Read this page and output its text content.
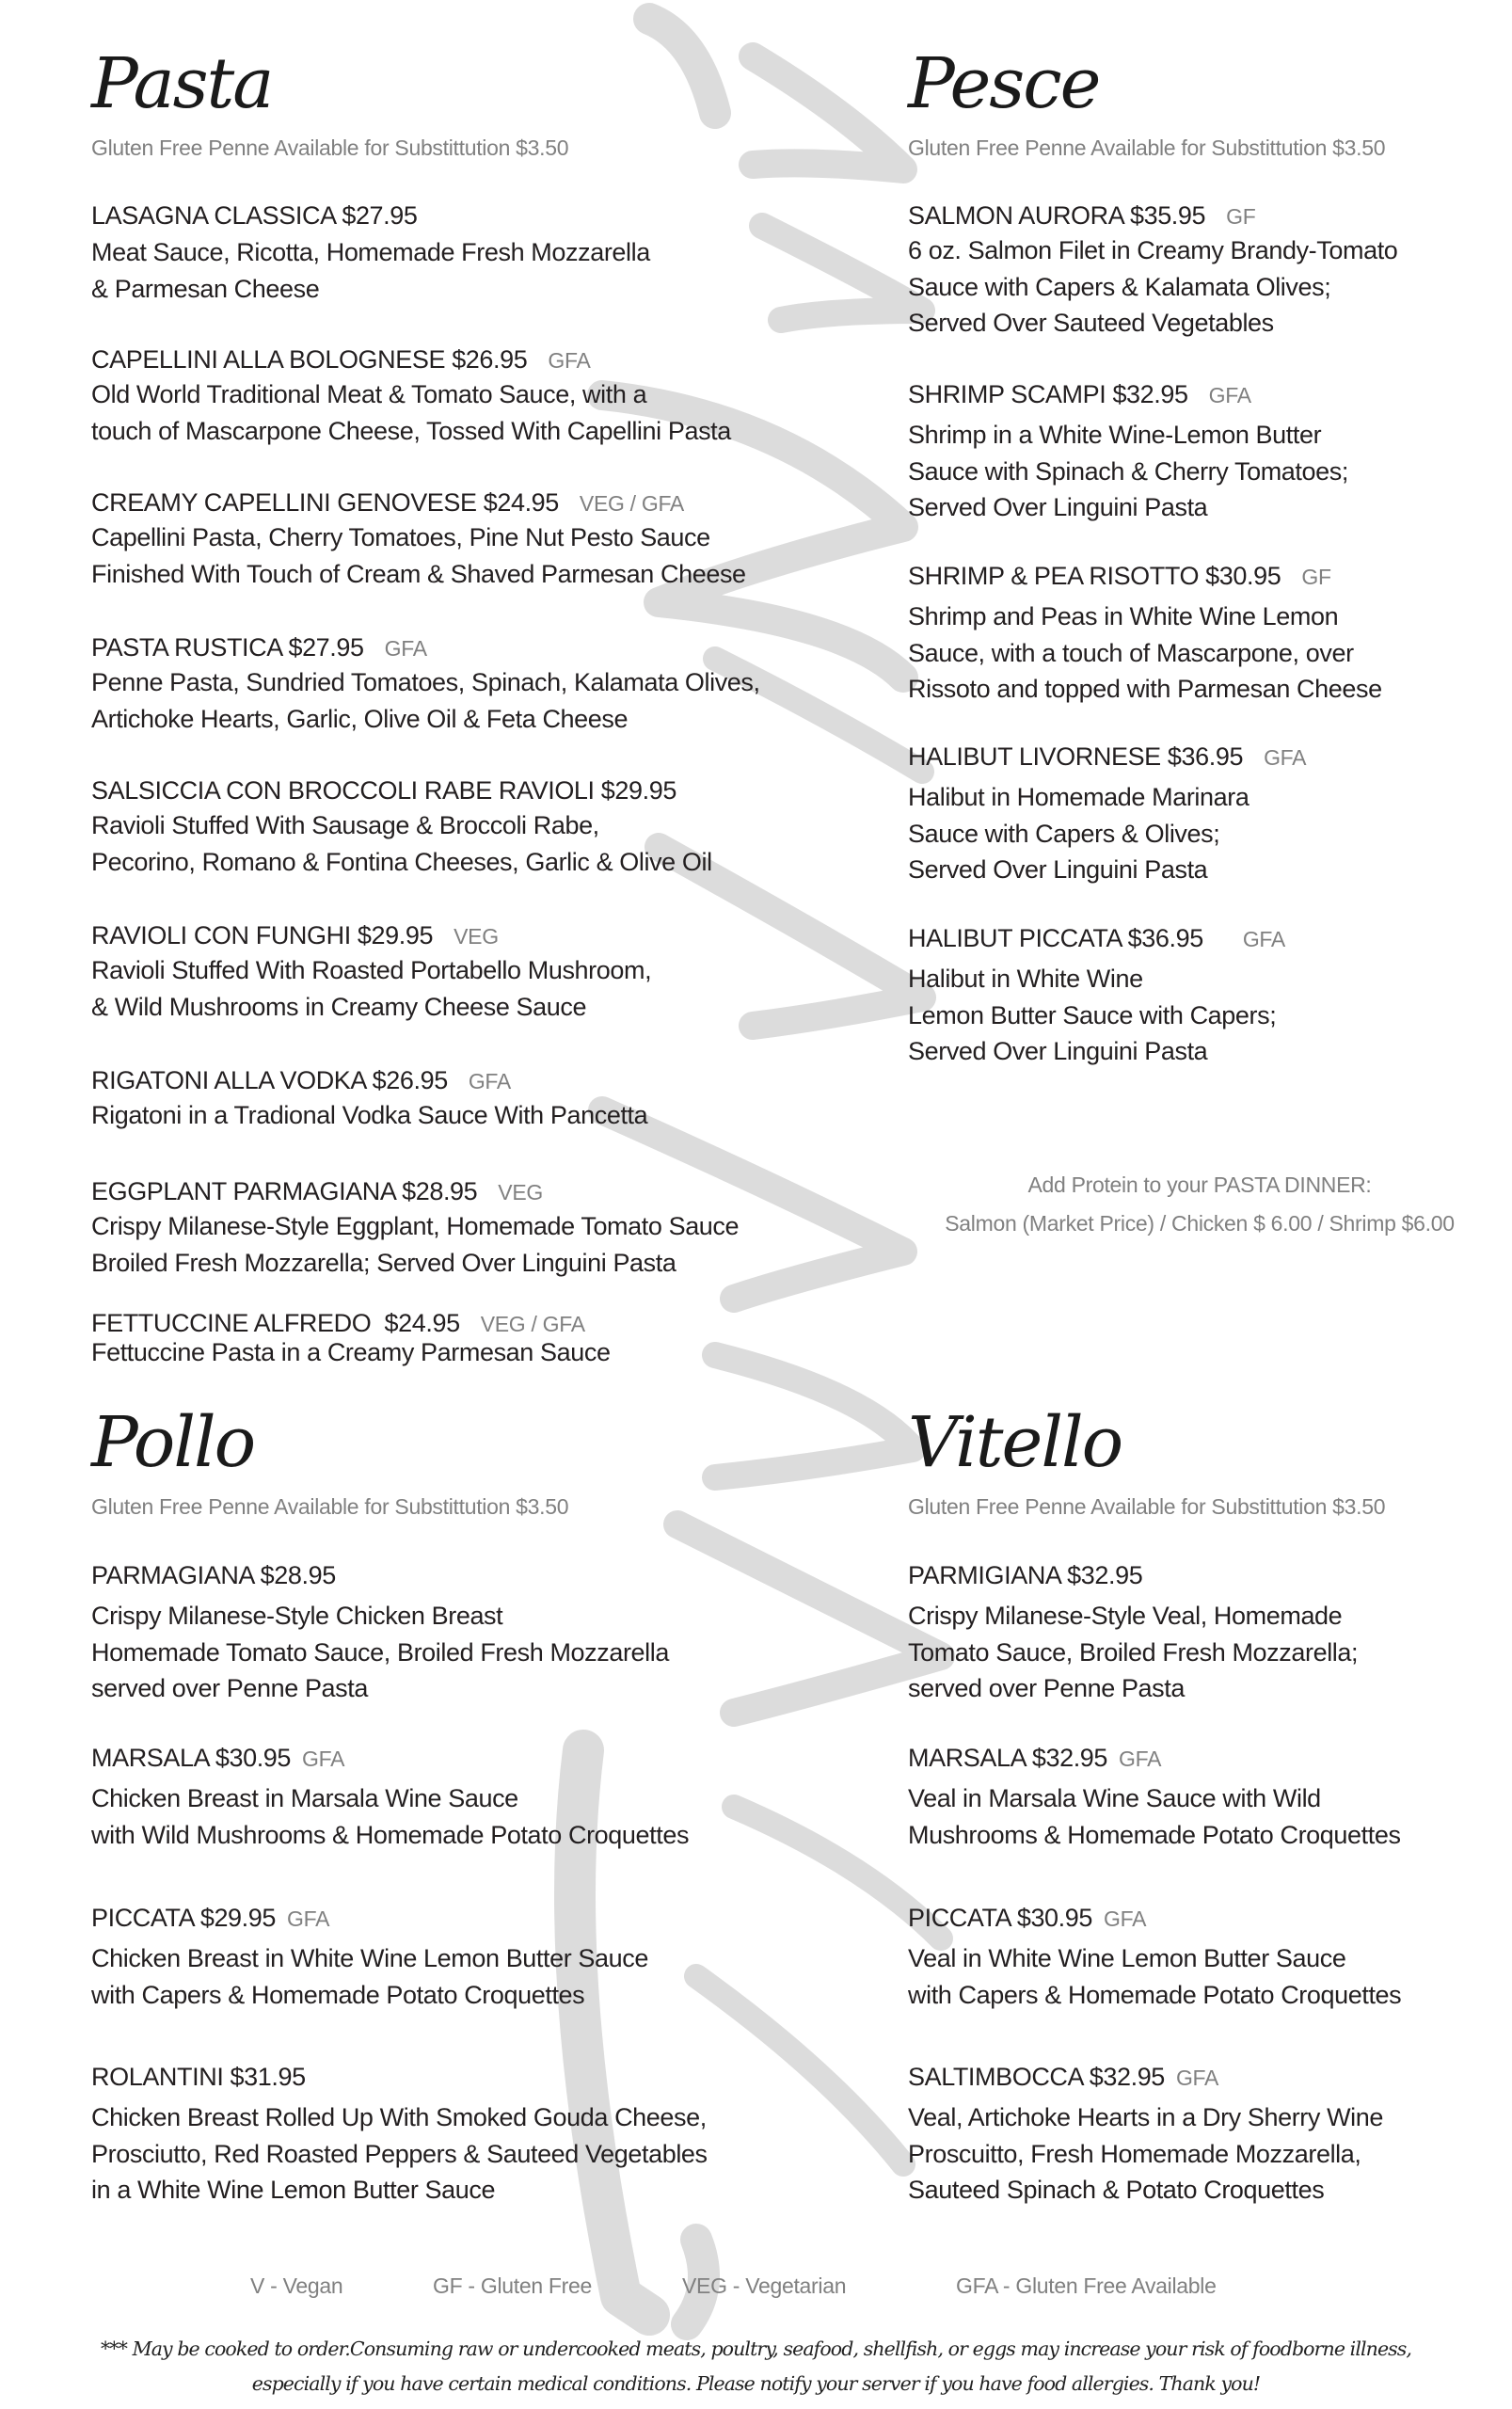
Pasta
Gluten Free Penne Available for Substittution $3.50
LASAGNA CLASSICA $27.95
Meat Sauce, Ricotta, Homemade Fresh Mozzarella
& Parmesan Cheese
CAPELLINI ALLA BOLOGNESE $26.95 GFA
Old World Traditional Meat & Tomato Sauce, with a
touch of Mascarpone Cheese, Tossed With Capellini Pasta
CREAMY CAPELLINI GENOVESE $24.95 VEG / GFA
Capellini Pasta, Cherry Tomatoes, Pine Nut Pesto Sauce
Finished With Touch of Cream & Shaved Parmesan Cheese
PASTA RUSTICA $27.95 GFA
Penne Pasta, Sundried Tomatoes, Spinach, Kalamata Olives,
Artichoke Hearts, Garlic, Olive Oil & Feta Cheese
SALSICCIA CON BROCCOLI RABE RAVIOLI $29.95
Ravioli Stuffed With Sausage & Broccoli Rabe,
Pecorino, Romano & Fontina Cheeses, Garlic & Olive Oil
RAVIOLI CON FUNGHI $29.95 VEG
Ravioli Stuffed With Roasted Portabello Mushroom,
& Wild Mushrooms in Creamy Cheese Sauce
RIGATONI ALLA VODKA $26.95 GFA
Rigatoni in a Tradional Vodka Sauce With Pancetta
EGGPLANT PARMAGIANA $28.95 VEG
Crispy Milanese-Style Eggplant, Homemade Tomato Sauce
Broiled Fresh Mozzarella; Served Over Linguini Pasta
FETTUCCINE ALFREDO  $24.95 VEG / GFA
Fettuccine Pasta in a Creamy Parmesan Sauce
Pesce
Gluten Free Penne Available for Substittution $3.50
SALMON AURORA $35.95 GF
6 oz. Salmon Filet in Creamy Brandy-Tomato
Sauce with Capers & Kalamata Olives;
Served Over Sauteed Vegetables
SHRIMP SCAMPI $32.95 GFA
Shrimp in a White Wine-Lemon Butter
Sauce with Spinach & Cherry Tomatoes;
Served Over Linguini Pasta
SHRIMP & PEA RISOTTO $30.95 GF
Shrimp and Peas in White Wine Lemon
Sauce, with a touch of Mascarpone, over
Rissoto and topped with Parmesan Cheese
HALIBUT LIVORNESE $36.95 GFA
Halibut in Homemade Marinara
Sauce with Capers & Olives;
Served Over Linguini Pasta
HALIBUT PICCATA $36.95 GFA
Halibut in White Wine
Lemon Butter Sauce with Capers;
Served Over Linguini Pasta
Add Protein to your PASTA DINNER:
Salmon (Market Price) / Chicken $ 6.00 / Shrimp $6.00
Pollo
Gluten Free Penne Available for Substittution $3.50
PARMAGIANA $28.95
Crispy Milanese-Style Chicken Breast
Homemade Tomato Sauce, Broiled Fresh Mozzarella
served over Penne Pasta
MARSALA $30.95 GFA
Chicken Breast in Marsala Wine Sauce
with Wild Mushrooms & Homemade Potato Croquettes
PICCATA $29.95 GFA
Chicken Breast in White Wine Lemon Butter Sauce
with Capers & Homemade Potato Croquettes
ROLANTINI $31.95
Chicken Breast Rolled Up With Smoked Gouda Cheese,
Prosciutto, Red Roasted Peppers & Sauteed Vegetables
in a White Wine Lemon Butter Sauce
Vitello
Gluten Free Penne Available for Substittution $3.50
PARMIGIANA $32.95
Crispy Milanese-Style Veal, Homemade
Tomato Sauce, Broiled Fresh Mozzarella;
served over Penne Pasta
MARSALA $32.95 GFA
Veal in Marsala Wine Sauce with Wild
Mushrooms & Homemade Potato Croquettes
PICCATA $30.95 GFA
Veal in White Wine Lemon Butter Sauce
with Capers & Homemade Potato Croquettes
SALTIMBOCCA $32.95 GFA
Veal, Artichoke Hearts in a Dry Sherry Wine
Proscuitto, Fresh Homemade Mozzarella,
Sauteed Spinach & Potato Croquettes
V - Vegan	GF - Gluten Free	VEG - Vegetarian	GFA - Gluten Free Available
*** May be cooked to order.Consuming raw or undercooked meats, poultry, seafood, shellfish, or eggs may increase your risk of foodborne illness,
especially if you have certain medical conditions. Please notify your server if you have food allergies. Thank you!
